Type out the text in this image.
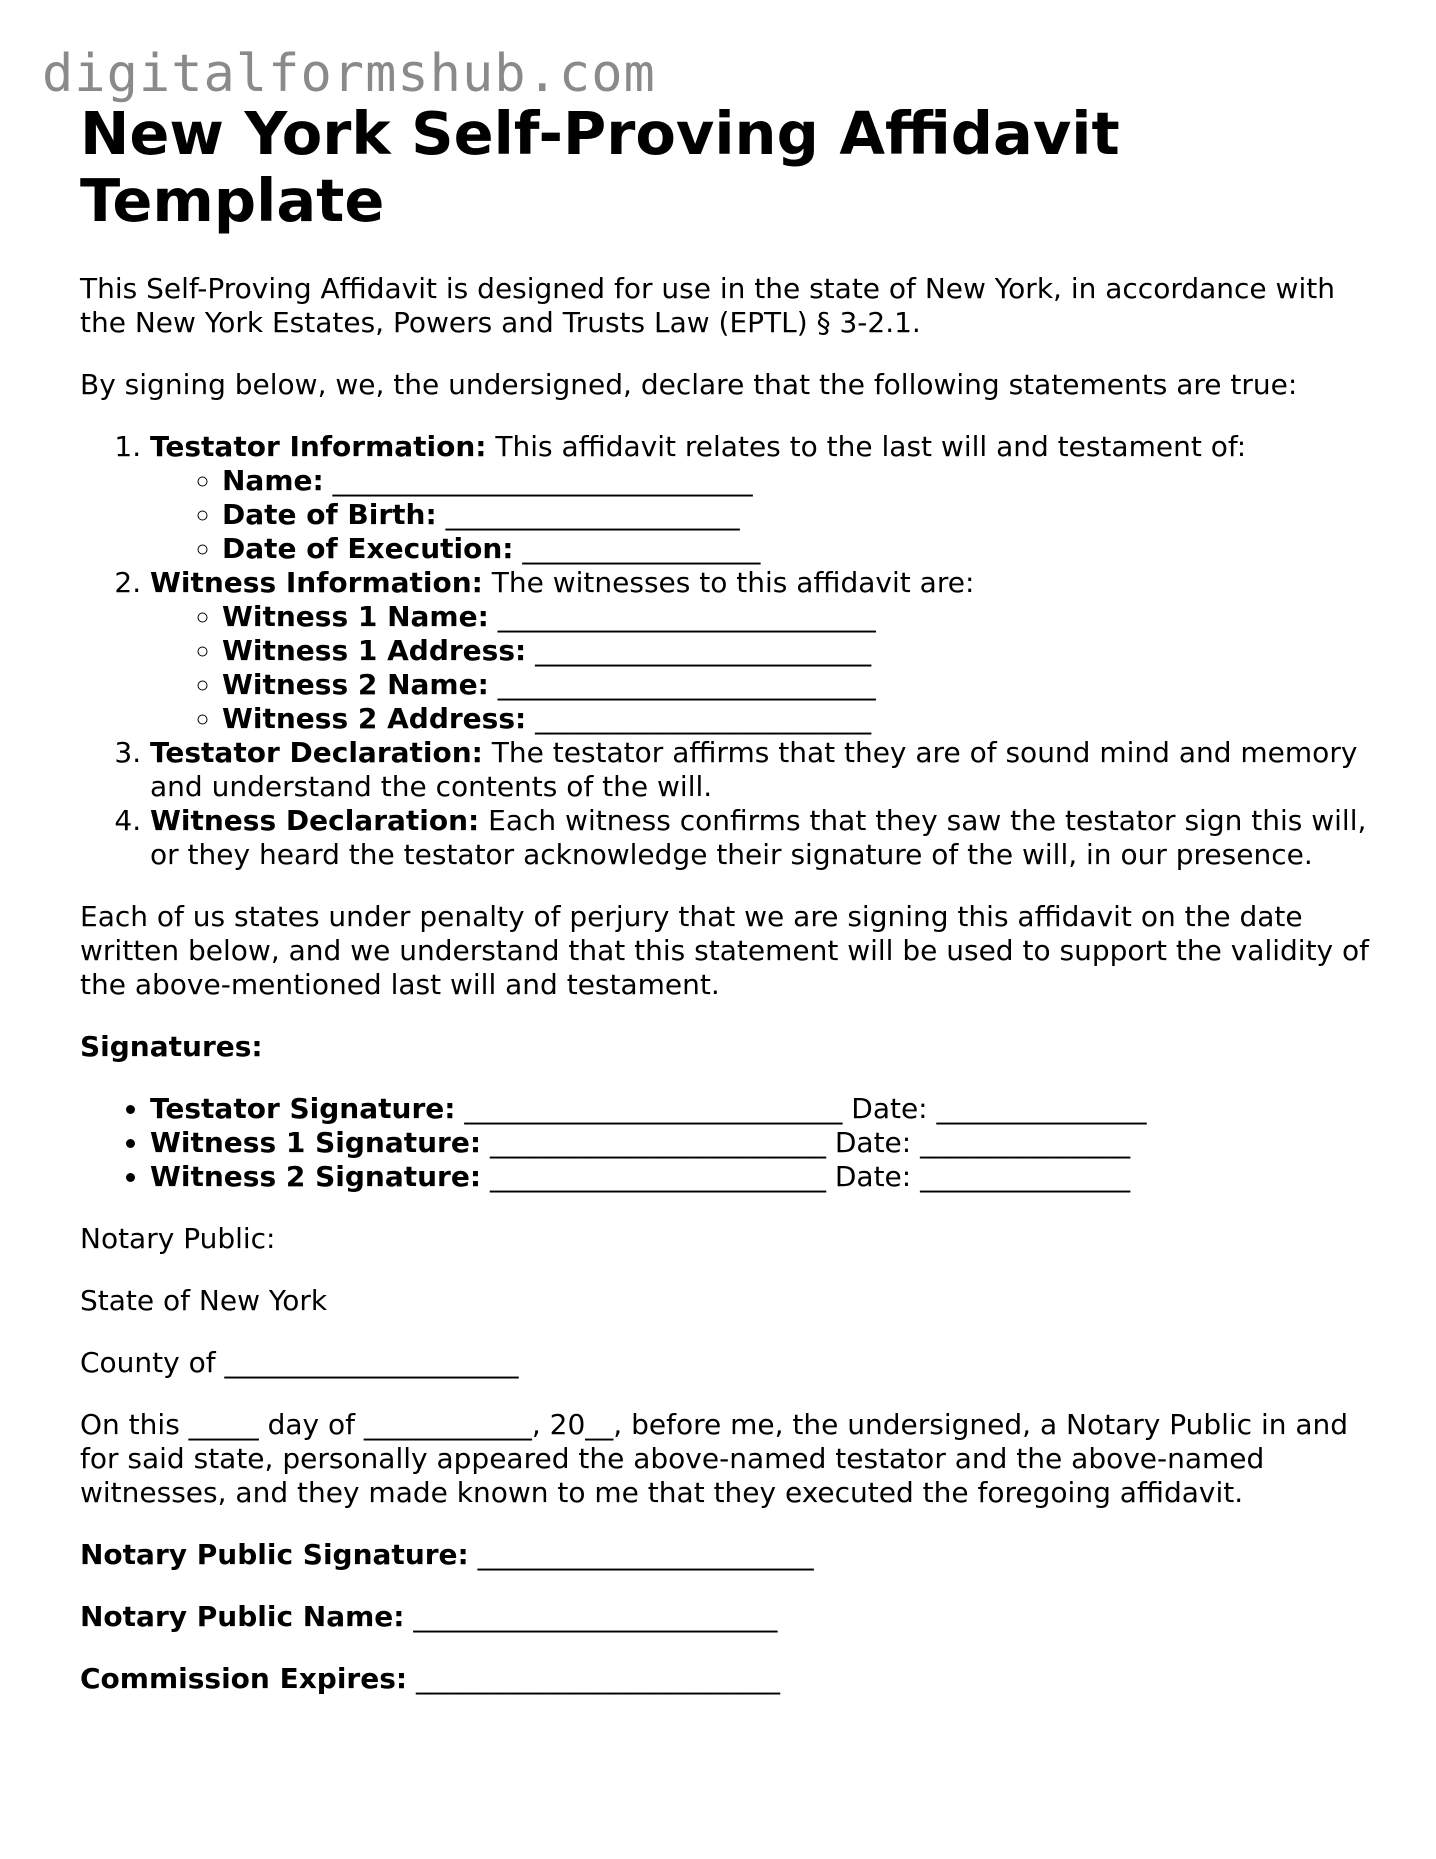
digitalformshub.com
New York Self-Proving Affidavit Template

This Self-Proving Affidavit is designed for use in the state of New York, in accordance with the New York Estates, Powers and Trusts Law (EPTL) § 3-2.1.

By signing below, we, the undersigned, declare that the following statements are true:

1. Testator Information: This affidavit relates to the last will and testament of:
◦ Name: ______________________________
◦ Date of Birth: _____________________
◦ Date of Execution: _________________
2. Witness Information: The witnesses to this affidavit are:
◦ Witness 1 Name: ___________________________
◦ Witness 1 Address: ________________________
◦ Witness 2 Name: ___________________________
◦ Witness 2 Address: ________________________
3. Testator Declaration: The testator affirms that they are of sound mind and memory and understand the contents of the will.
4. Witness Declaration: Each witness confirms that they saw the testator sign this will, or they heard the testator acknowledge their signature of the will, in our presence.

Each of us states under penalty of perjury that we are signing this affidavit on the date written below, and we understand that this statement will be used to support the validity of the above-mentioned last will and testament.

Signatures:

• Testator Signature: ___________________________ Date: _______________
• Witness 1 Signature: ________________________ Date: _______________
• Witness 2 Signature: ________________________ Date: _______________

Notary Public:

State of New York

County of _____________________

On this _____ day of ____________, 20__, before me, the undersigned, a Notary Public in and for said state, personally appeared the above-named testator and the above-named witnesses, and they made known to me that they executed the foregoing affidavit.

Notary Public Signature: ________________________

Notary Public Name: __________________________

Commission Expires: __________________________
